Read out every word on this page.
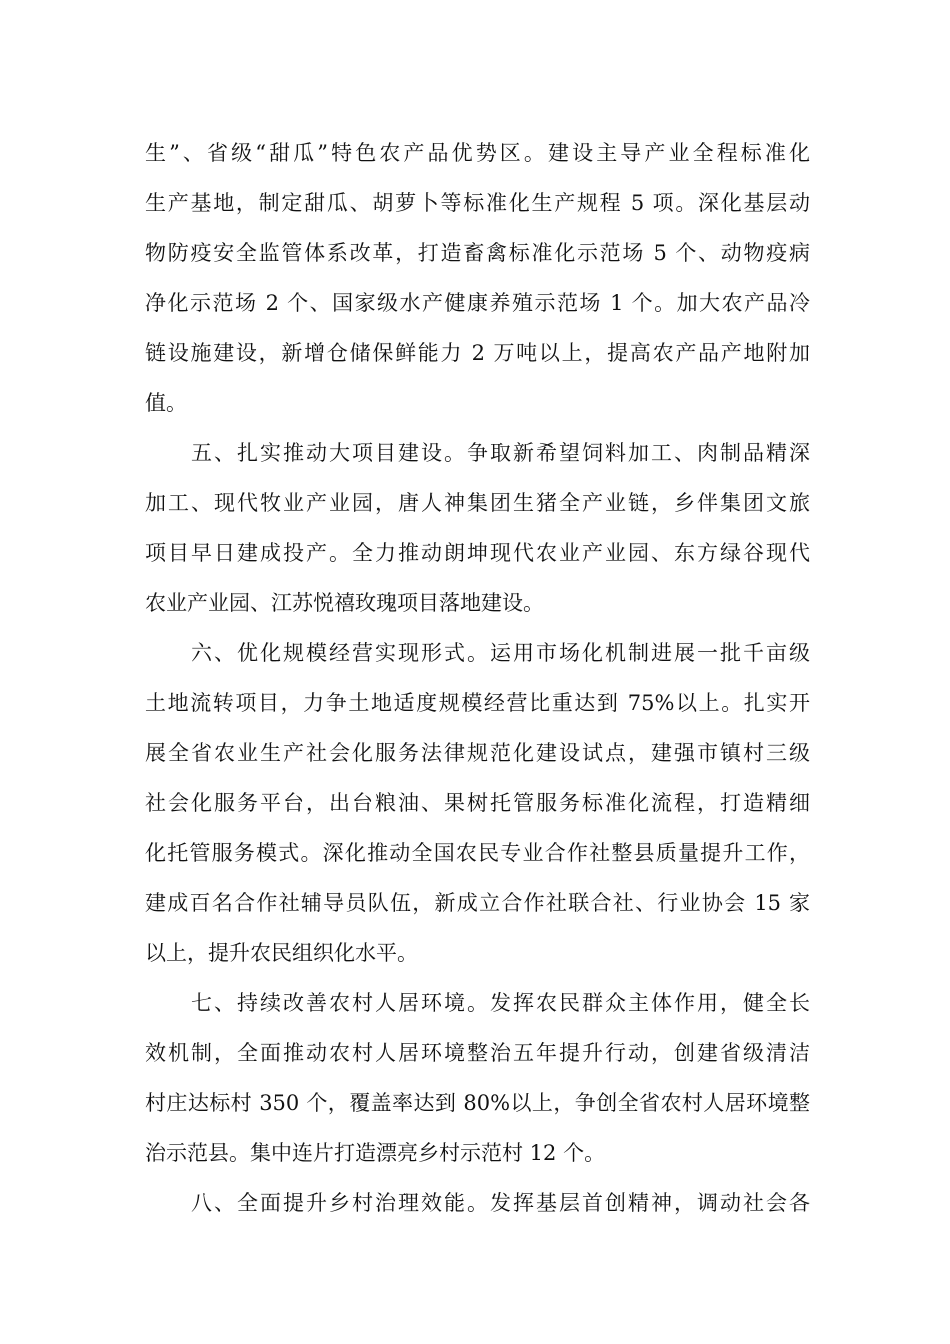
生”、省级“甜瓜”特色农产品优势区。建设主导产业全程标准化
生产基地，制定甜瓜、胡萝卜等标准化生产规程 5 项。深化基层动
物防疫安全监管体系改革，打造畜禽标准化示范场 5 个、动物疫病
净化示范场 2 个、国家级水产健康养殖示范场 1 个。加大农产品冷
链设施建设，新增仓储保鲜能力 2 万吨以上，提高农产品产地附加
值。
五、扎实推动大项目建设。争取新希望饲料加工、肉制品精深
加工、现代牧业产业园，唐人神集团生猪全产业链，乡伴集团文旅
项目早日建成投产。全力推动朗坤现代农业产业园、东方绿谷现代
农业产业园、江苏悦禧玫瑰项目落地建设。
六、优化规模经营实现形式。运用市场化机制进展一批千亩级
土地流转项目，力争土地适度规模经营比重达到 75%以上。扎实开
展全省农业生产社会化服务法律规范化建设试点，建强市镇村三级
社会化服务平台，出台粮油、果树托管服务标准化流程，打造精细
化托管服务模式。深化推动全国农民专业合作社整县质量提升工作，
建成百名合作社辅导员队伍，新成立合作社联合社、行业协会 15 家
以上，提升农民组织化水平。
七、持续改善农村人居环境。发挥农民群众主体作用，健全长
效机制，全面推动农村人居环境整治五年提升行动，创建省级清洁
村庄达标村 350 个，覆盖率达到 80%以上，争创全省农村人居环境整
治示范县。集中连片打造漂亮乡村示范村 12 个。
八、全面提升乡村治理效能。发挥基层首创精神，调动社会各
